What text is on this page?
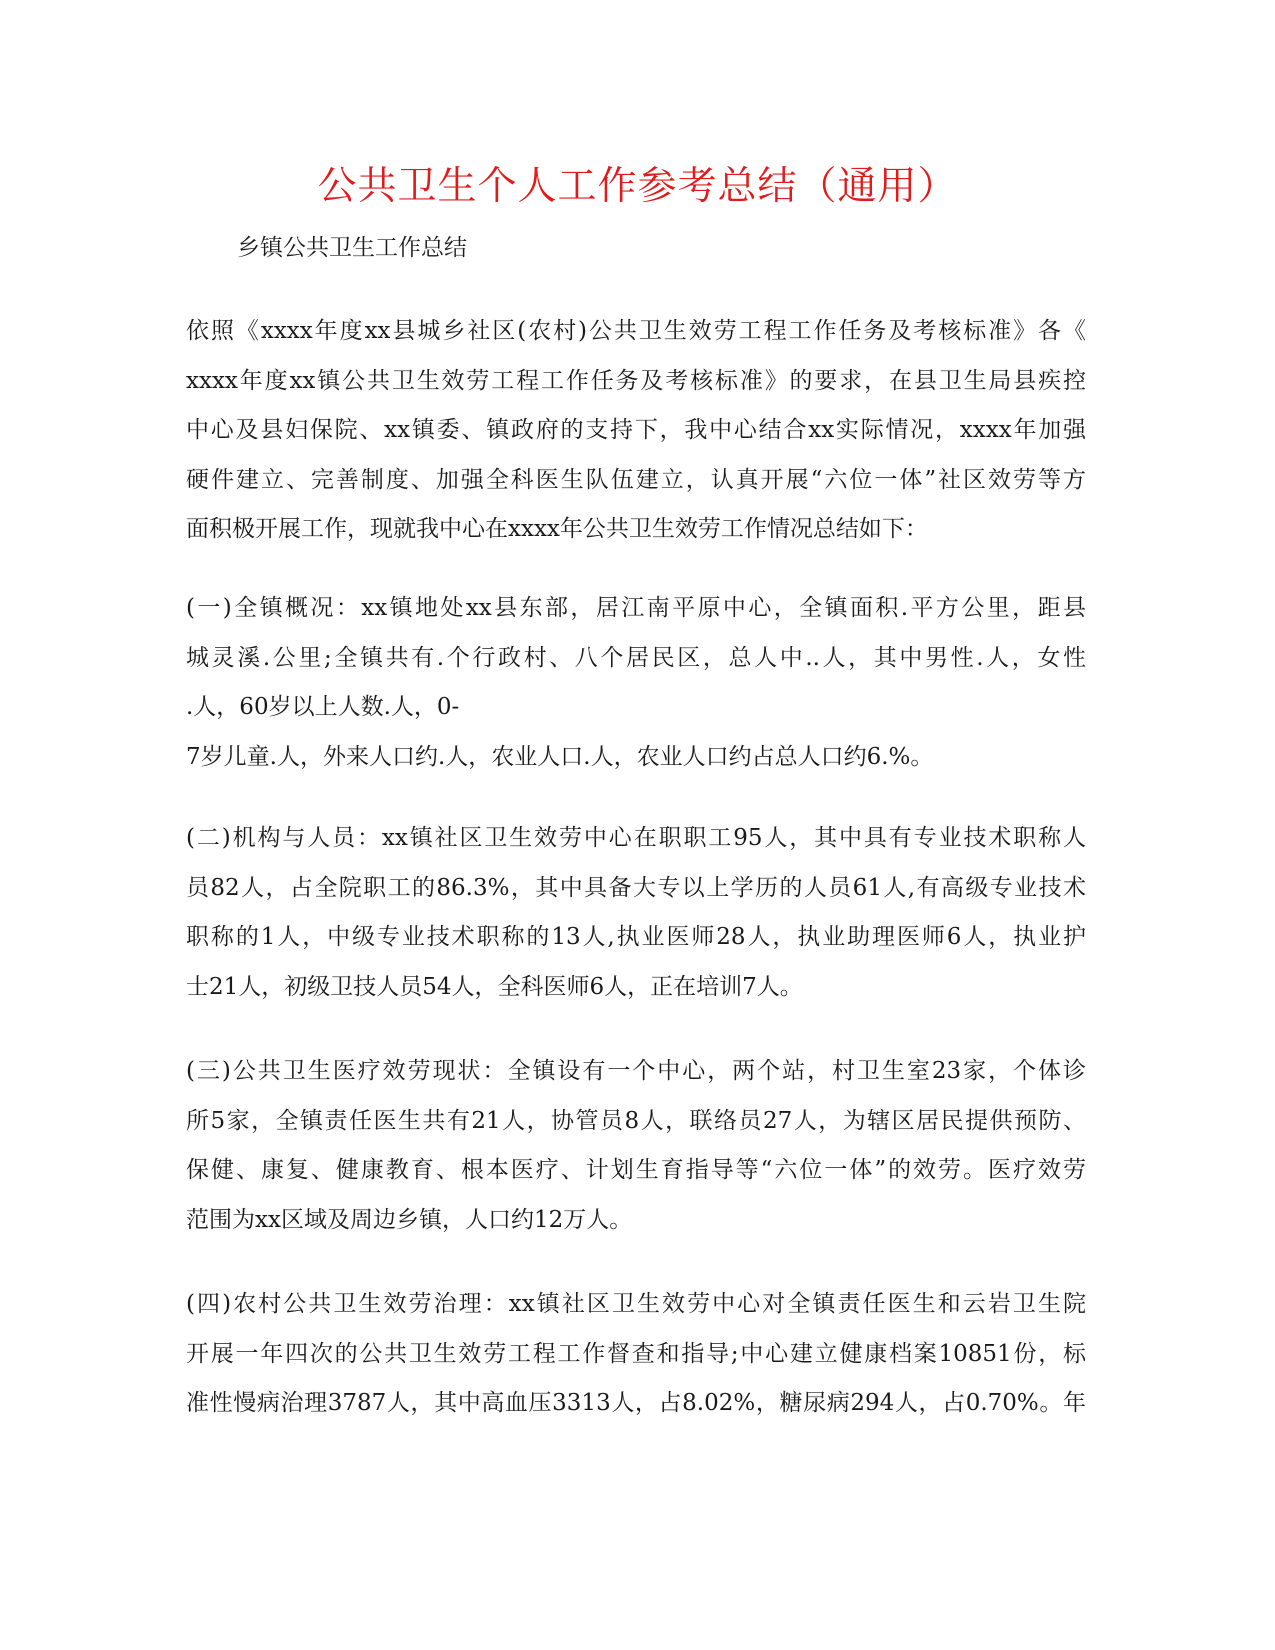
公共卫生个人工作参考总结（通用）
乡镇公共卫生工作总结
依照《xxxx年度xx县城乡社区(农村)公共卫生效劳工程工作任务及考核标准》各《
xxxx年度xx镇公共卫生效劳工程工作任务及考核标准》的要求，在县卫生局县疾控
中心及县妇保院、xx镇委、镇政府的支持下，我中心结合xx实际情况，xxxx年加强
硬件建立、完善制度、加强全科医生队伍建立，认真开展“六位一体”社区效劳等方
面积极开展工作，现就我中心在xxxx年公共卫生效劳工作情况总结如下：
(一)全镇概况：xx镇地处xx县东部，居江南平原中心，全镇面积.平方公里，距县
城灵溪.公里;全镇共有.个行政村、八个居民区，总人中..人，其中男性.人，女性
.人，60岁以上人数.人，0-
7岁儿童.人，外来人口约.人，农业人口.人，农业人口约占总人口约6.%。
(二)机构与人员：xx镇社区卫生效劳中心在职职工95人，其中具有专业技术职称人
员82人，占全院职工的86.3%，其中具备大专以上学历的人员61人,有高级专业技术
职称的1人，中级专业技术职称的13人,执业医师28人，执业助理医师6人，执业护
士21人，初级卫技人员54人，全科医师6人，正在培训7人。
(三)公共卫生医疗效劳现状：全镇设有一个中心，两个站，村卫生室23家，个体诊
所5家，全镇责任医生共有21人，协管员8人，联络员27人，为辖区居民提供预防、
保健、康复、健康教育、根本医疗、计划生育指导等“六位一体”的效劳。医疗效劳
范围为xx区域及周边乡镇，人口约12万人。
(四)农村公共卫生效劳治理：xx镇社区卫生效劳中心对全镇责任医生和云岩卫生院
开展一年四次的公共卫生效劳工程工作督查和指导;中心建立健康档案10851份，标
准性慢病治理3787人，其中高血压3313人，占8.02%，糖尿病294人，占0.70%。年
